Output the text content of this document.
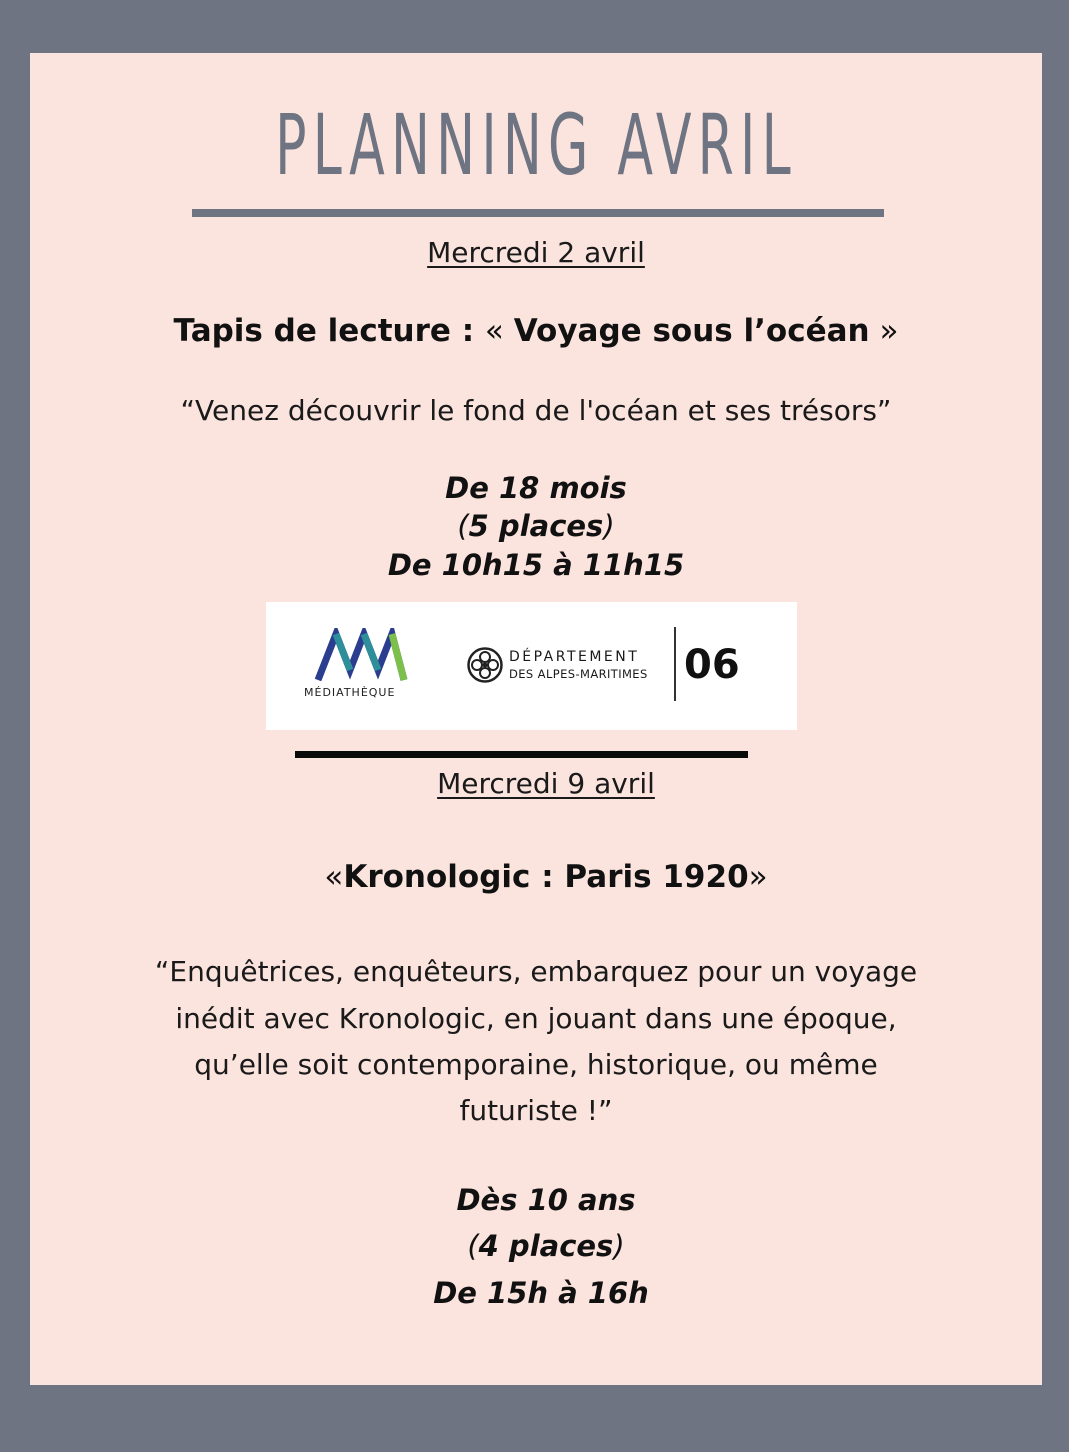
PLANNING AVRIL
Mercredi 2 avril
Tapis de lecture : « Voyage sous l’océan »
“Venez découvrir le fond de l'océan et ses trésors”
De 18 mois
(5 places)
De 10h15 à 11h15
MÉDIATHÈQUE
DÉPARTEMENT
DES ALPES-MARITIMES 06
Mercredi 9 avril
«Kronologic : Paris 1920»
“Enquêtrices, enquêteurs, embarquez pour un voyage
inédit avec Kronologic, en jouant dans une époque,
qu’elle soit contemporaine, historique, ou même
futuriste !”
Dès 10 ans
(4 places)
De 15h à 16h
